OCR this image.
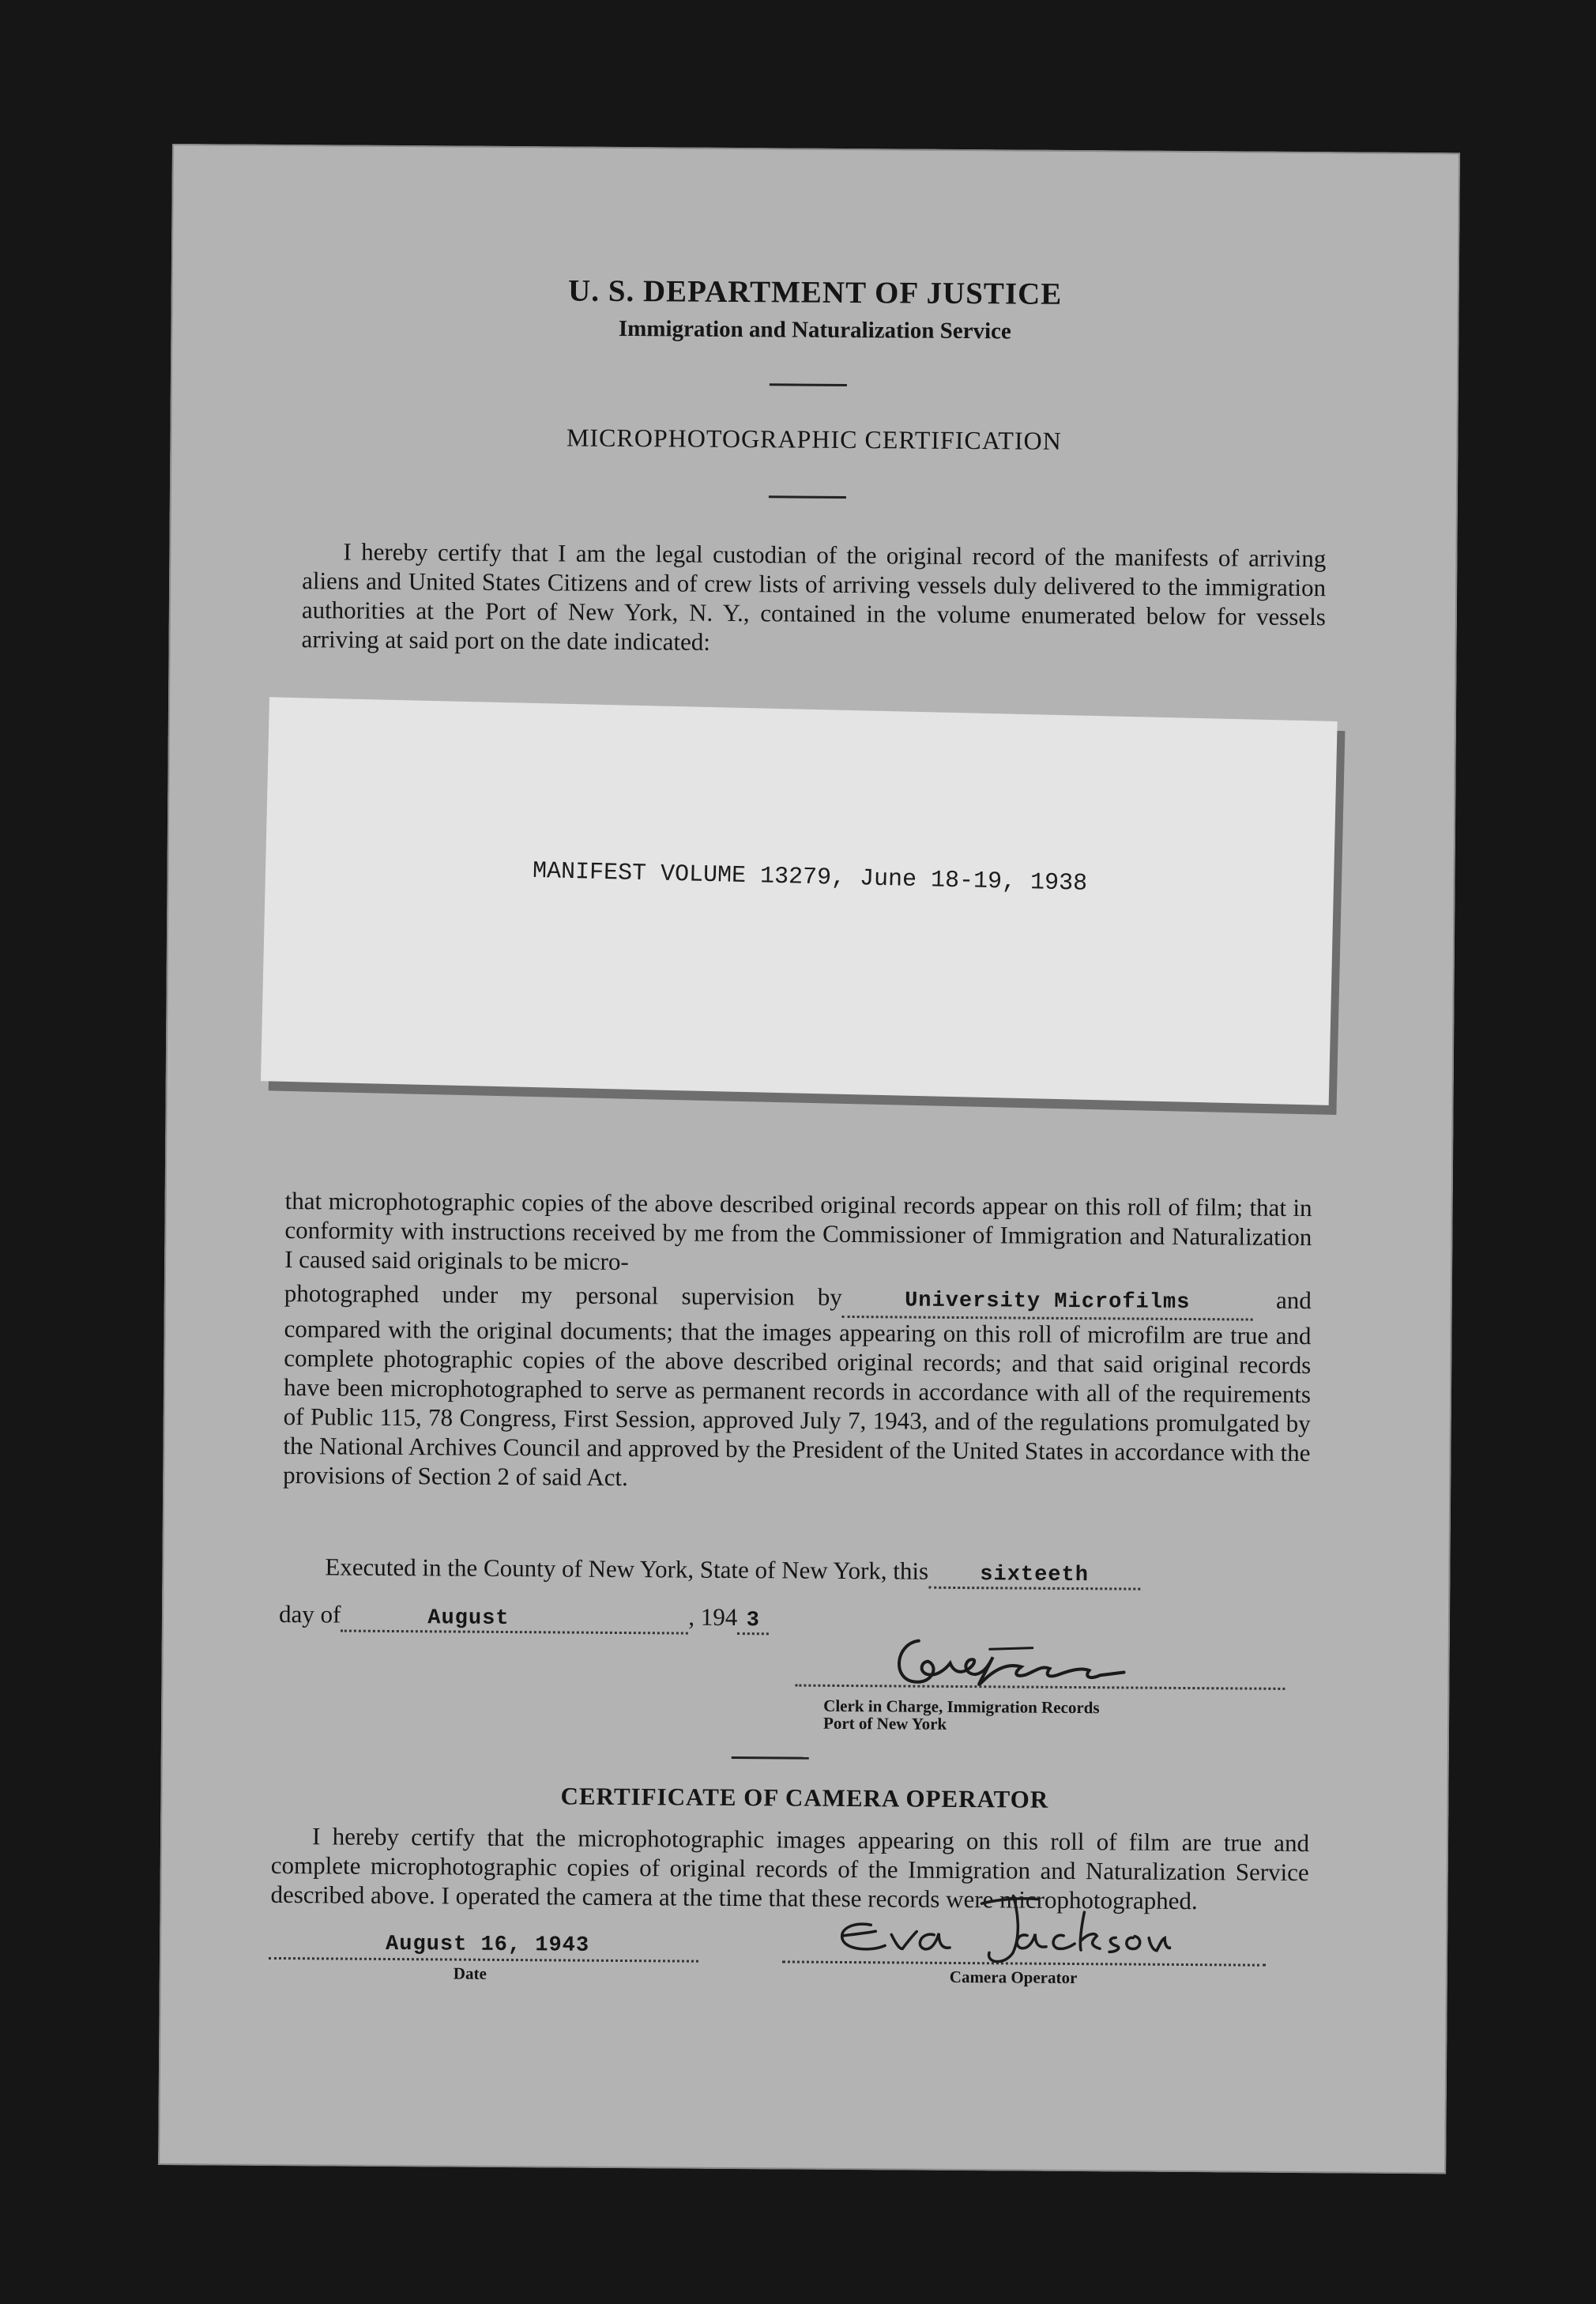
U. S. DEPARTMENT OF JUSTICE
Immigration and Naturalization Service
MICROPHOTOGRAPHIC CERTIFICATION

I hereby certify that I am the legal custodian of the original record of the manifests of arriving aliens and United States Citizens and of crew lists of arriving vessels duly delivered to the immigration authorities at the Port of New York, N. Y., contained in the volume enumerated below for vessels arriving at said port on the date indicated:

MANIFEST VOLUME 13279, June 18-19, 1938

that microphotographic copies of the above described original records appear on this roll of film; that in conformity with instructions received by me from the Commissioner of Immigration and Naturalization I caused said originals to be micro-

photographed under my personal supervision by	University Microfilms	and compared with the original documents; that the images appearing on this roll of microfilm are true and complete photographic copies of the above described original records; and that said original records have been microphotographed to serve as permanent records in accordance with all of the requirements of Public 115, 78 Congress, First Session, approved July 7, 1943, and of the regulations promulgated by the National Archives Council and approved by the President of the United States in accordance with the provisions of Section 2 of said Act.

Executed in the County of New York, State of New York, this sixteeth
day of	August	, 194 3
Clerk in Charge, Immigration Records
Port of New York
CERTIFICATE OF CAMERA OPERATOR

I hereby certify that the microphotographic images appearing on this roll of film are true and complete microphotographic copies of original records of the Immigration and Naturalization Service described above. I operated the camera at the time that these records were microphotographed.

August 16, 1943
Date	Camera Operator
